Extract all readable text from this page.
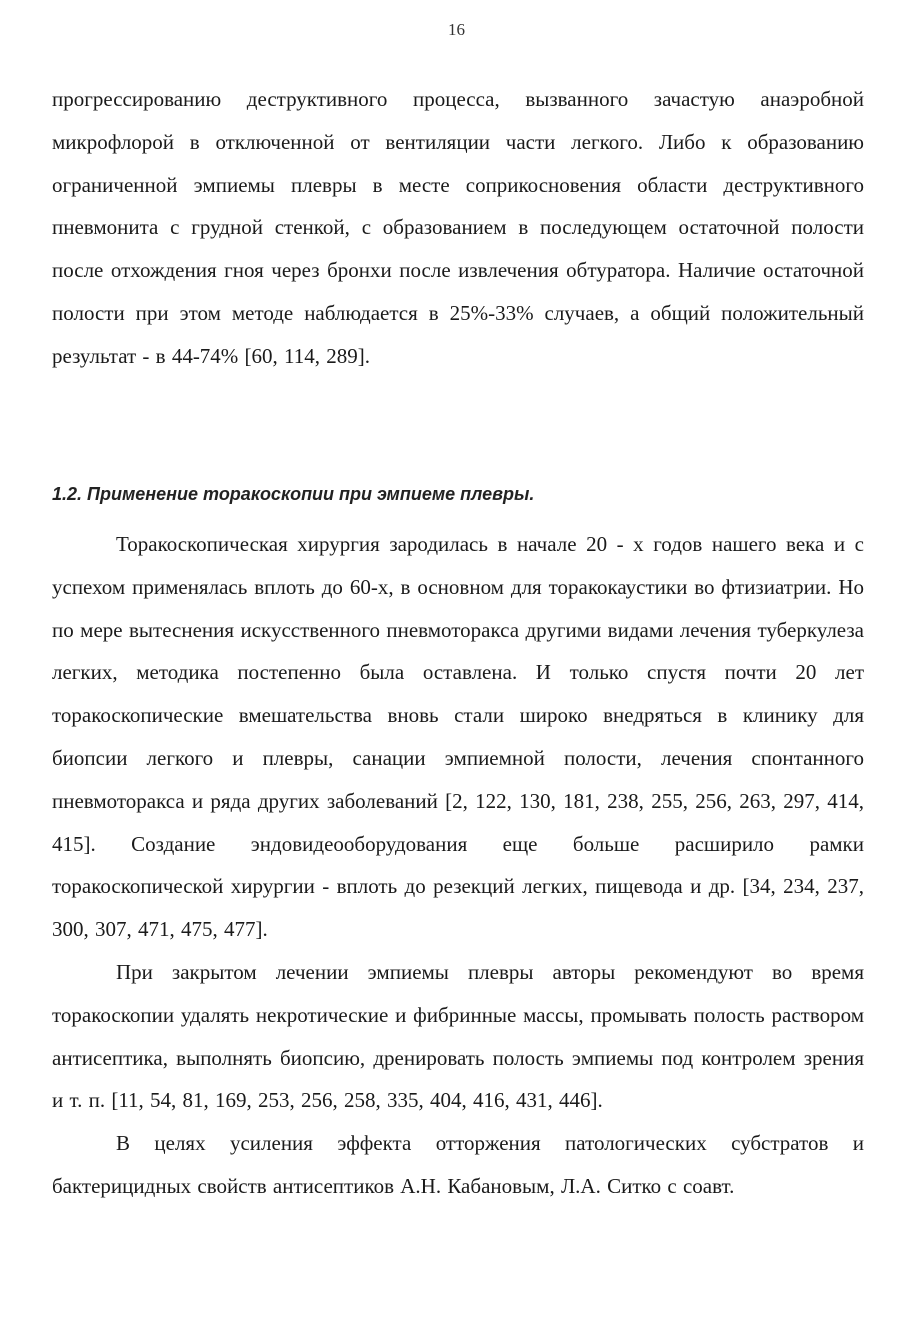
16

прогрессированию деструктивного процесса, вызванного зачастую анаэробной микрофлорой в отключенной от вентиляции части легкого. Либо к образованию ограниченной эмпиемы плевры в месте соприкосновения области деструктивного пневмонита с грудной стенкой, с образованием в последующем остаточной полости после отхождения гноя через бронхи после извлечения обтуратора. Наличие остаточной полости при этом методе наблюдается в 25%-33% случаев, а общий положительный результат - в 44-74% [60, 114, 289].

1.2. Применение торакоскопии при эмпиеме плевры.

Торакоскопическая хирургия зародилась в начале 20 - х годов нашего века и с успехом применялась вплоть до 60-х, в основном для торакокаустики во фтизиатрии. Но по мере вытеснения искусственного пневмоторакса другими видами лечения туберкулеза легких, методика постепенно была оставлена. И только спустя почти 20 лет торакоскопические вмешательства вновь стали широко внедряться в клинику для биопсии легкого и плевры, санации эмпиемной полости, лечения спонтанного пневмоторакса и ряда других заболеваний [2, 122, 130, 181, 238, 255, 256, 263, 297, 414, 415]. Создание эндовидеооборудования еще больше расширило рамки торакоскопической хирургии - вплоть до резекций легких, пищевода и др. [34, 234, 237, 300, 307, 471, 475, 477].

При закрытом лечении эмпиемы плевры авторы рекомендуют во время торакоскопии удалять некротические и фибринные массы, промывать полость раствором антисептика, выполнять биопсию, дренировать полость эмпиемы под контролем зрения и т. п. [11, 54, 81, 169, 253, 256, 258, 335, 404, 416, 431, 446].

В целях усиления эффекта отторжения патологических субстратов и бактерицидных свойств антисептиков А.Н. Кабановым, Л.А. Ситко с соавт.
